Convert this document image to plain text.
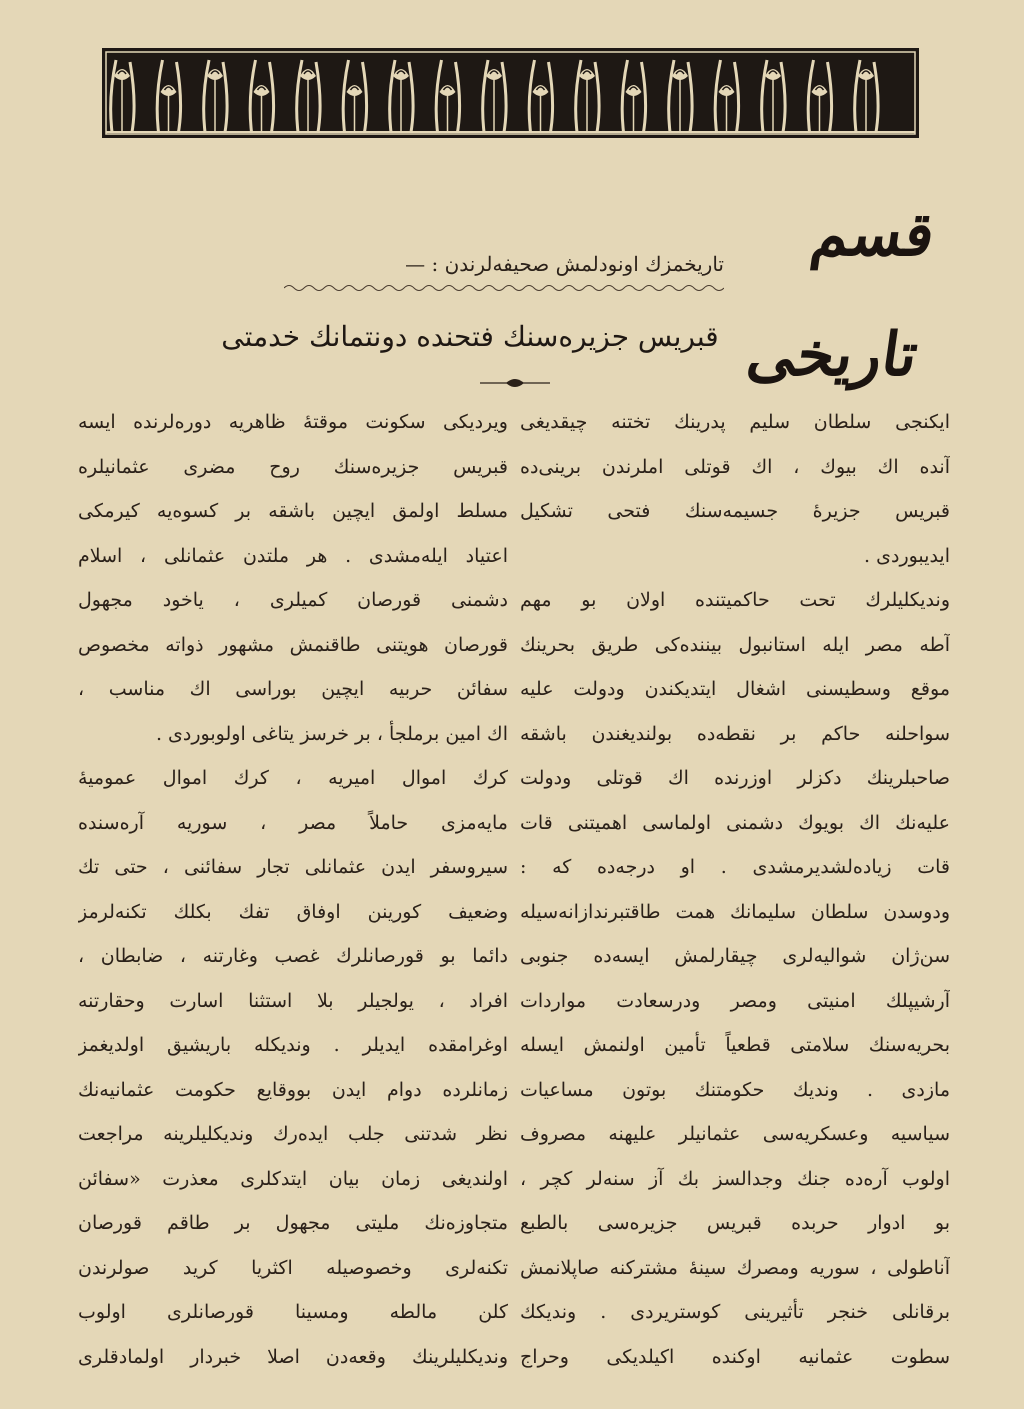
قسم تاريخى
تاريخمزك اونودلمش صحيفه‌لرندن : —
قبريس جزيره‌سنك فتحنده دونتمانك خدمتى
ايكنجى سلطان سليم پدرينك تختنه چيقديغى
آنده ا‌ك بيوك ، اك قوتلى املرندن برينى‌ده
قبريس جزيرهٔ جسيمه‌سنك فتحى تشكيل
ايديبوردى .
ونديكليلرك تحت حاكميتنده اولان بو مهم
آطه مصر ايله استانبول بيننده‌كى طريق بحرينك
موقع وسطيسنى اشغال ايتديكندن ودولت عليه
سواحلنه حاكم بر نقطه‌ده بولنديغندن باشقه
صاحبلرينك دكزلر اوزرنده اك قوتلى ودولت
عليه‌نك اك بويوك دشمنى اولماسى اهميتنى قات
قات زياده‌لشديرمشدى . او درجه‌ده كه :
ودوسدن سلطان سليمانك همت طاقتبرندازانه‌سيله
سن‌ژان شواليه‌لرى چيقارلمش ايسه‌ده جنوبى
آرشيپلك امنيتى ومصر ودرسعادت مواردات
بحريه‌سنك سلامتى قطعياً تأمين اولنمش ايسله‌
مازدى . ونديك حكومتنك بوتون مساعيات
سياسيه وعسكريه‌سى عثمانيلر عليهنه مصروف
اولوب آره‌ده جنك وجدالسز بك آز سنه‌لر كچر ،
بو ادوار حربده قبريس جزيره‌سى بالطبع
آناطولى ، سوريه ومصرك سينهٔ مشتركنه صاپلانمش
برقانلى خنجر تأثيرينى كوستريردى . ونديكك
سطوت عثمانيه اوكنده اكيلديكى وحراج
ويرديكى سكونت موقتهٔ ظاهريه دوره‌لرنده ايسه
قبريس جزيره‌سنك روح مضرى عثمانيلره
مسلط اولمق ايچين باشقه بر كسوه‌يه كيرمكى
اعتياد ايله‌مشدى . هر ملتدن عثمانلى ، اسلام
دشمنى قورصان كميلرى ، ياخود مجهول
قورصان هويتنى طاقنمش مشهور ذواته مخصوص
سفائن حربيه ايچين بوراسى اك مناسب ،
اك امين برملجأ ، بر خرسز يتاغى اولوبوردى .
كرك اموال اميريه ، كرك اموال عموميهٔ
مايه‌مزى حاملاً مصر ، سوريه آره‌سنده
سيروسفر ايدن عثمانلى تجار سفائنى ، حتى تك
وضعيف كورينن اوفاق تفك بكلك تكنه‌لرمز
دائما بو قورصانلرك غصب وغارتنه ، ضابطان ،
افراد ، يولجيلر بلا استثنا اسارت وحقارتنه
اوغرامقده ايديلر . ونديكله باريشيق اولديغمز
زمانلرده دوام ايدن بووقايع حكومت عثمانيه‌نك
نظر شدتنى جلب ايده‌رك ونديكليلرينه مراجعت
اولنديغى زمان بيان ايتدكلرى معذرت «سفائن
متجاوزه‌نك مليتى مجهول بر طاقم قورصان
تكنه‌لرى وخصوصيله اكثريا كريد صولرندن
كلن مالطه ومسينا قورصانلرى اولوب
ونديكليلرينك وقعه‌دن اصلا خبردار اولمادقلرى
